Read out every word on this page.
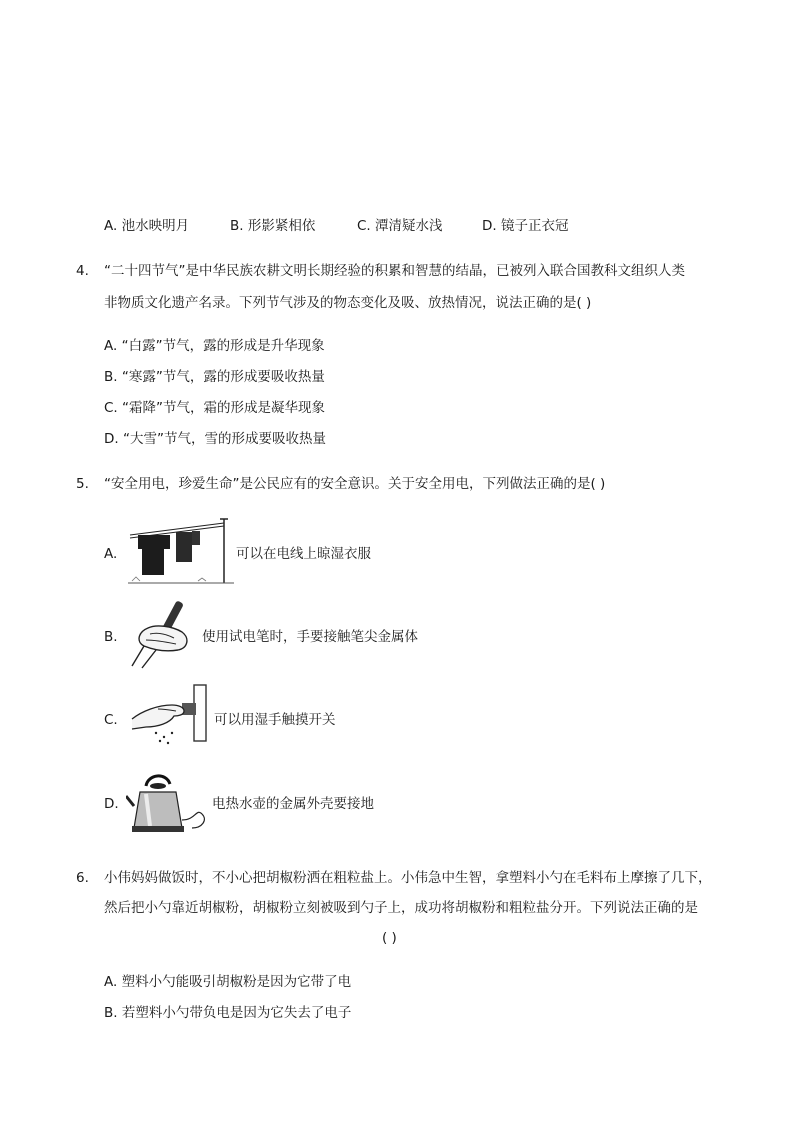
A. 池水映明月	B. 形影紧相依	C. 潭清疑水浅	D. 镜子正衣冠
4. “二十四节气”是中华民族农耕文明长期经验的积累和智慧的结晶，已被列入联合国教科文组织人类
非物质文化遗产名录。下列节气涉及的物态变化及吸、放热情况，说法正确的是( )
A. “白露”节气，露的形成是升华现象
B. “寒露”节气，露的形成要吸收热量
C. “霜降”节气，霜的形成是凝华现象
D. “大雪”节气，雪的形成要吸收热量
5. “安全用电，珍爱生命”是公民应有的安全意识。关于安全用电，下列做法正确的是( )
A.	可以在电线上晾湿衣服
B.	使用试电笔时，手要接触笔尖金属体
C.	可以用湿手触摸开关
D.	电热水壶的金属外壳要接地
6. 小伟妈妈做饭时，不小心把胡椒粉洒在粗粒盐上。小伟急中生智，拿塑料小勺在毛料布上摩擦了几下，
然后把小勺靠近胡椒粉，胡椒粉立刻被吸到勺子上，成功将胡椒粉和粗粒盐分开。下列说法正确的是
( )
A. 塑料小勺能吸引胡椒粉是因为它带了电
B. 若塑料小勺带负电是因为它失去了电子
